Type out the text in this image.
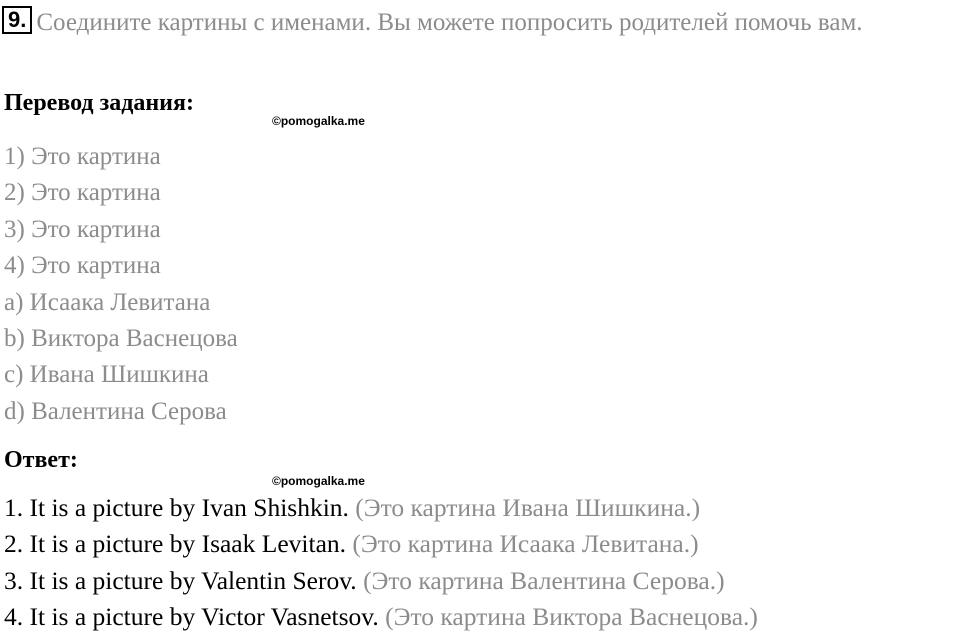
9. Соедините картины с именами. Вы можете попросить родителей помочь вам.
Перевод задания:
©pomogalka.me
1) Это картина
2) Это картина
3) Это картина
4) Это картина
a) Исаака Левитана
b) Виктора Васнецова
c) Ивана Шишкина
d) Валентина Серова
Ответ:
©pomogalka.me
1. It is a picture by Ivan Shishkin. (Это картина Ивана Шишкина.)
2. It is a picture by Isaak Levitan. (Это картина Исаака Левитана.)
3. It is a picture by Valentin Serov. (Это картина Валентина Серова.)
4. It is a picture by Victor Vasnetsov. (Это картина Виктора Васнецова.)
